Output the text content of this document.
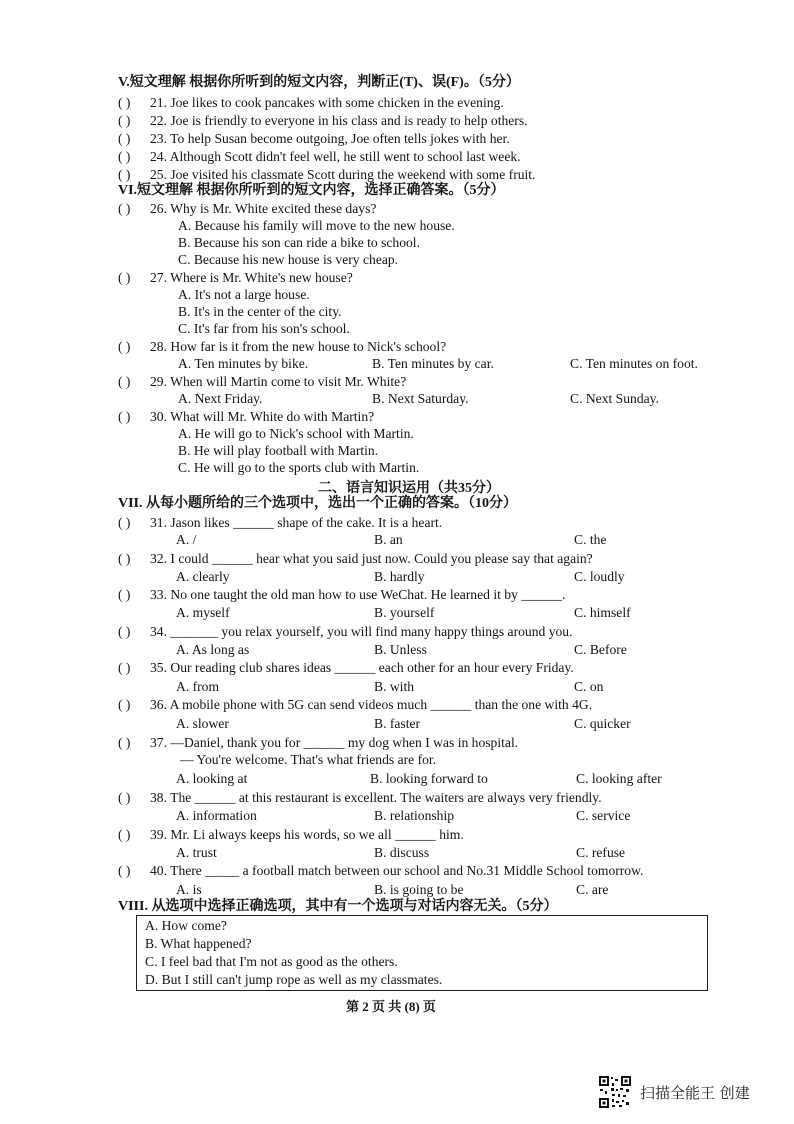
V.短文理解 根据你所听到的短文内容，判断正(T)、误(F)。（5分）
( ) 21. Joe likes to cook pancakes with some chicken in the evening.
( ) 22. Joe is friendly to everyone in his class and is ready to help others.
( ) 23. To help Susan become outgoing, Joe often tells jokes with her.
( ) 24. Although Scott didn't feel well, he still went to school last week.
( ) 25. Joe visited his classmate Scott during the weekend with some fruit.
VI.短文理解 根据你所听到的短文内容，选择正确答案。（5分）
( ) 26. Why is Mr. White excited these days?
A. Because his family will move to the new house.
B. Because his son can ride a bike to school.
C. Because his new house is very cheap.
( ) 27. Where is Mr. White's new house?
A. It's not a large house.
B. It's in the center of the city.
C. It's far from his son's school.
( ) 28. How far is it from the new house to Nick's school?
A. Ten minutes by bike.	B. Ten minutes by car.	C. Ten minutes on foot.
( ) 29. When will Martin come to visit Mr. White?
A. Next Friday.	B. Next Saturday.	C. Next Sunday.
( ) 30. What will Mr. White do with Martin?
A. He will go to Nick's school with Martin.
B. He will play football with Martin.
C. He will go to the sports club with Martin.
二、语言知识运用（共35分）
VII. 从每小题所给的三个选项中，选出一个正确的答案。（10分）
( ) 31. Jason likes ______ shape of the cake. It is a heart.
A. /	B. an	C. the
( ) 32. I could ______ hear what you said just now. Could you please say that again?
A. clearly	B. hardly	C. loudly
( ) 33. No one taught the old man how to use WeChat. He learned it by ______.
A. myself	B. yourself	C. himself
( ) 34. _______ you relax yourself, you will find many happy things around you.
A. As long as	B. Unless	C. Before
( ) 35. Our reading club shares ideas ______ each other for an hour every Friday.
A. from	B. with	C. on
( ) 36. A mobile phone with 5G can send videos much ______ than the one with 4G.
A. slower	B. faster	C. quicker
( ) 37. —Daniel, thank you for ______ my dog when I was in hospital.
— You're welcome. That's what friends are for.
A. looking at	B. looking forward to	C. looking after
( ) 38. The ______ at this restaurant is excellent. The waiters are always very friendly.
A. information	B. relationship	C. service
( ) 39. Mr. Li always keeps his words, so we all ______ him.
A. trust	B. discuss	C. refuse
( ) 40. There _____ a football match between our school and No.31 Middle School tomorrow.
A. is	B. is going to be	C. are
VIII. 从选项中选择正确选项，其中有一个选项与对话内容无关。（5分）
A. How come?
B. What happened?
C. I feel bad that I'm not as good as the others.
D. But I still can't jump rope as well as my classmates.
第 2 页 共 (8) 页
扫描全能王 创建
